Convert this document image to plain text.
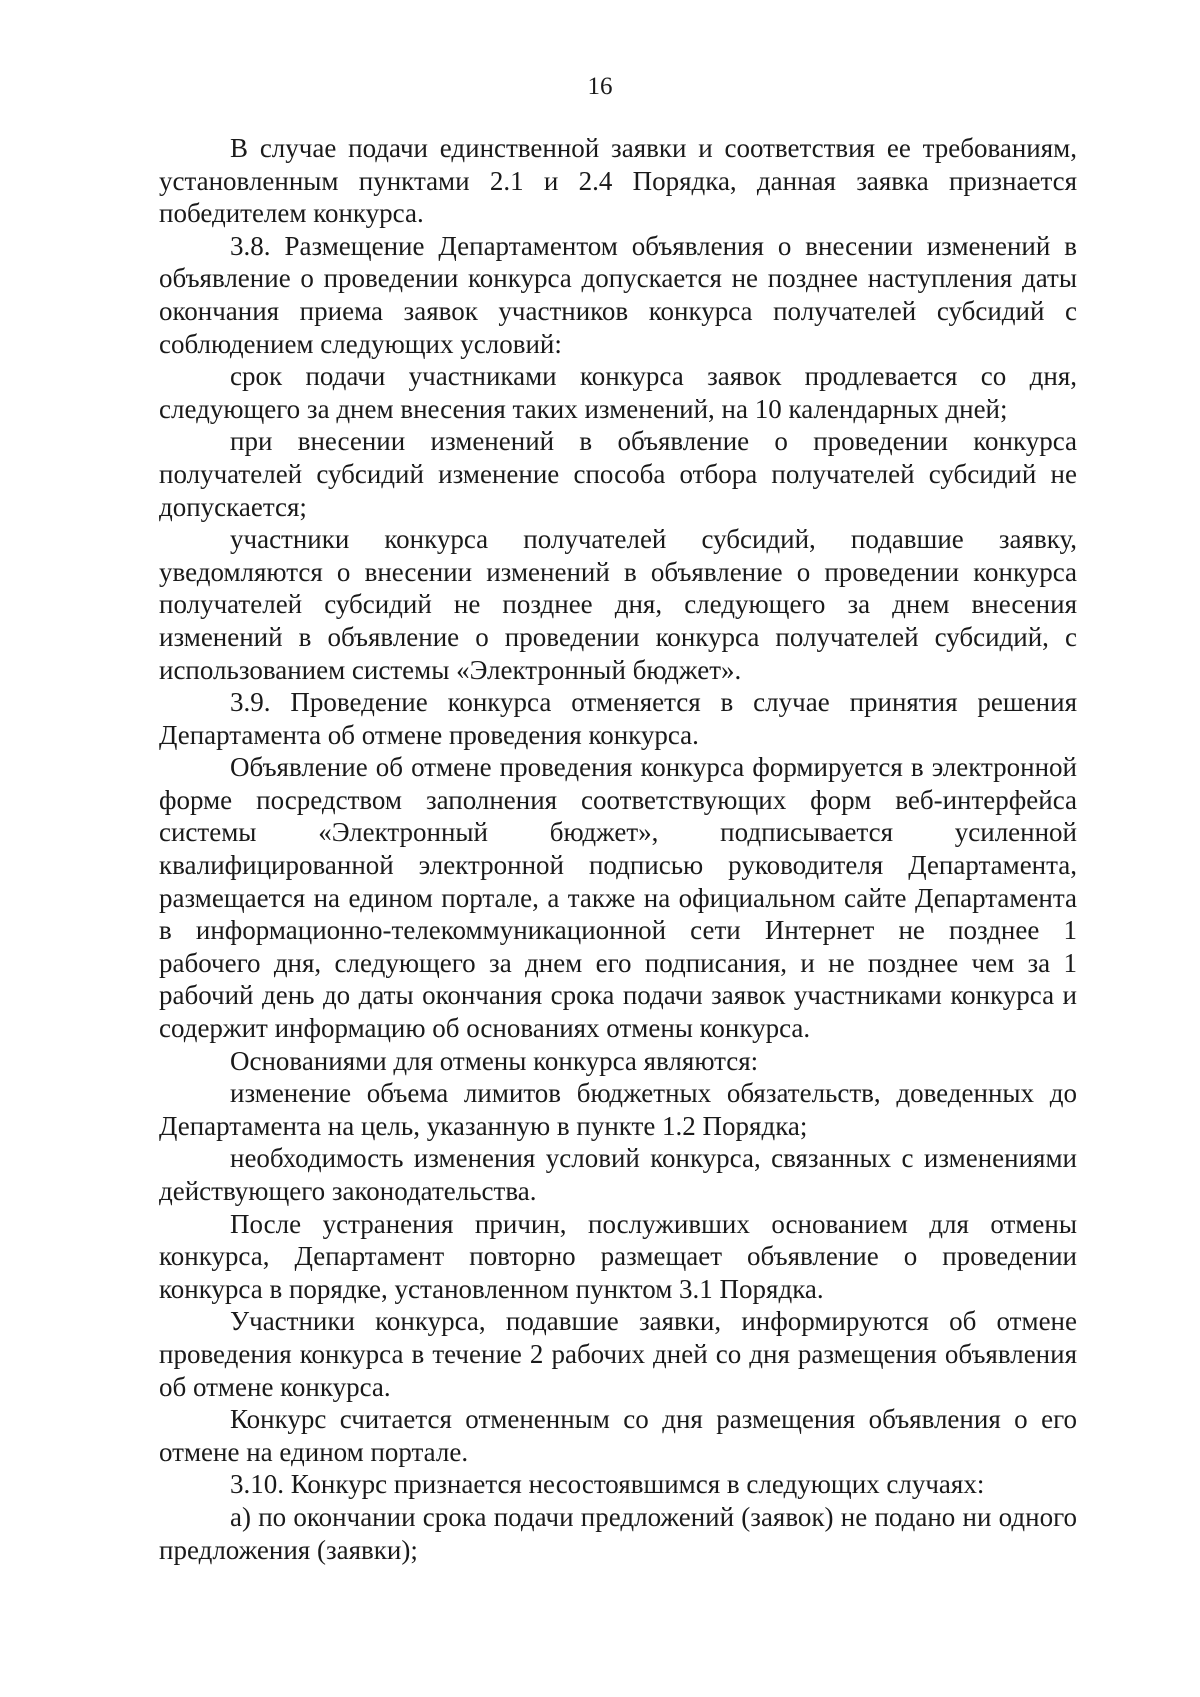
16

В случае подачи единственной заявки и соответствия ее требованиям, установленным пунктами 2.1 и 2.4 Порядка, данная заявка признается победителем конкурса.

3.8. Размещение Департаментом объявления о внесении изменений в объявление о проведении конкурса допускается не позднее наступления даты окончания приема заявок участников конкурса получателей субсидий с соблюдением следующих условий:

срок подачи участниками конкурса заявок продлевается со дня, следующего за днем внесения таких изменений, на 10 календарных дней;

при внесении изменений в объявление о проведении конкурса получателей субсидий изменение способа отбора получателей субсидий не допускается;

участники конкурса получателей субсидий, подавшие заявку, уведомляются о внесении изменений в объявление о проведении конкурса получателей субсидий не позднее дня, следующего за днем внесения изменений в объявление о проведении конкурса получателей субсидий, с использованием системы «Электронный бюджет».

3.9. Проведение конкурса отменяется в случае принятия решения Департамента об отмене проведения конкурса.

Объявление об отмене проведения конкурса формируется в электронной форме посредством заполнения соответствующих форм веб-интерфейса системы «Электронный бюджет», подписывается усиленной квалифицированной электронной подписью руководителя Департамента, размещается на едином портале, а также на официальном сайте Департамента в информационно-телекоммуникационной сети Интернет не позднее 1 рабочего дня, следующего за днем его подписания, и не позднее чем за 1 рабочий день до даты окончания срока подачи заявок участниками конкурса и содержит информацию об основаниях отмены конкурса.

Основаниями для отмены конкурса являются:

изменение объема лимитов бюджетных обязательств, доведенных до Департамента на цель, указанную в пункте 1.2 Порядка;

необходимость изменения условий конкурса, связанных с изменениями действующего законодательства.

После устранения причин, послуживших основанием для отмены конкурса, Департамент повторно размещает объявление о проведении конкурса в порядке, установленном пунктом 3.1 Порядка.

Участники конкурса, подавшие заявки, информируются об отмене проведения конкурса в течение 2 рабочих дней со дня размещения объявления об отмене конкурса.

Конкурс считается отмененным со дня размещения объявления о его отмене на едином портале.

3.10. Конкурс признается несостоявшимся в следующих случаях:

а) по окончании срока подачи предложений (заявок) не подано ни одного предложения (заявки);
